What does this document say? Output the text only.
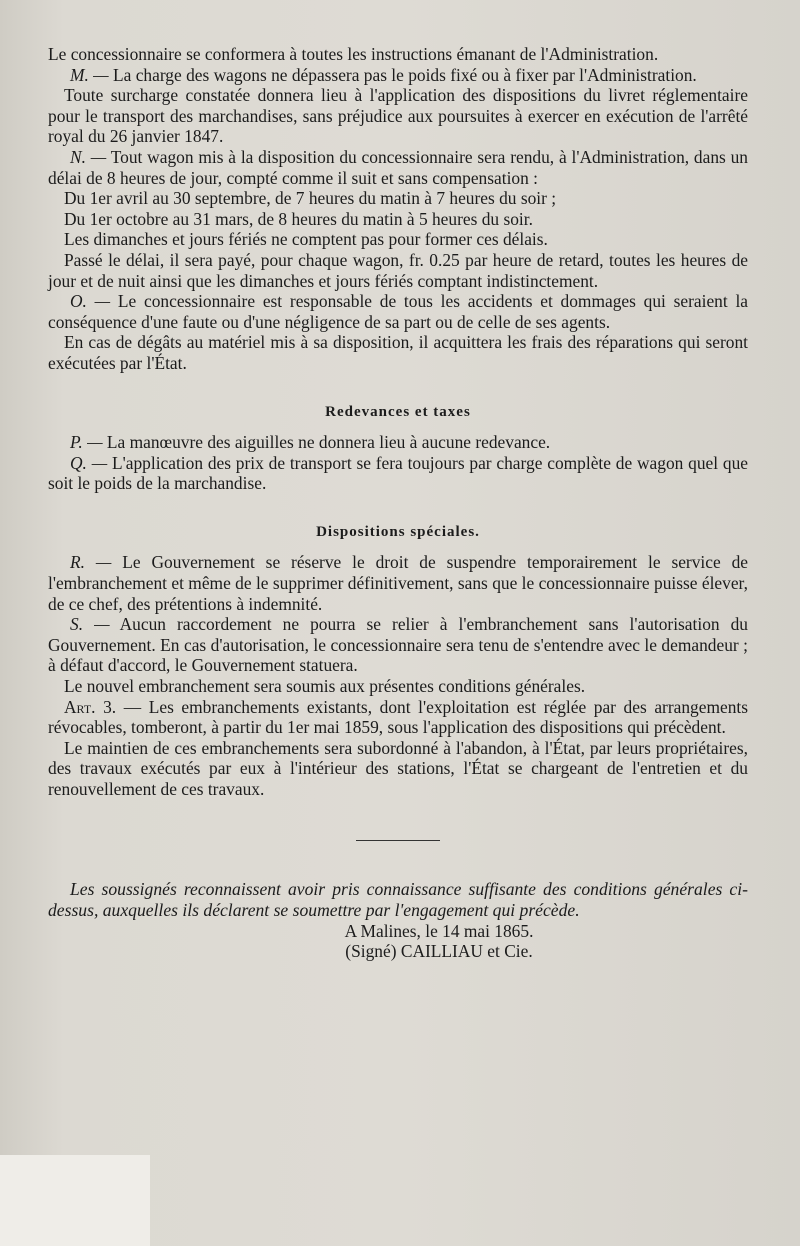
Le concessionnaire se conformera à toutes les instructions émanant de l'Administration.

M. — La charge des wagons ne dépassera pas le poids fixé ou à fixer par l'Administration.

Toute surcharge constatée donnera lieu à l'application des dispositions du livret réglementaire pour le transport des marchandises, sans préjudice aux poursuites à exercer en exécution de l'arrêté royal du 26 janvier 1847.

N. — Tout wagon mis à la disposition du concessionnaire sera rendu, à l'Administration, dans un délai de 8 heures de jour, compté comme il suit et sans compensation :

Du 1er avril au 30 septembre, de 7 heures du matin à 7 heures du soir ;

Du 1er octobre au 31 mars, de 8 heures du matin à 5 heures du soir.

Les dimanches et jours fériés ne comptent pas pour former ces délais.

Passé le délai, il sera payé, pour chaque wagon, fr. 0.25 par heure de retard, toutes les heures de jour et de nuit ainsi que les dimanches et jours fériés comptant indistinctement.

O. — Le concessionnaire est responsable de tous les accidents et dommages qui seraient la conséquence d'une faute ou d'une négligence de sa part ou de celle de ses agents.

En cas de dégâts au matériel mis à sa disposition, il acquittera les frais des réparations qui seront exécutées par l'État.

Redevances et taxes

P. — La manœuvre des aiguilles ne donnera lieu à aucune redevance.

Q. — L'application des prix de transport se fera toujours par charge complète de wagon quel que soit le poids de la marchandise.

Dispositions spéciales.

R. — Le Gouvernement se réserve le droit de suspendre temporairement le service de l'embranchement et même de le supprimer définitivement, sans que le concessionnaire puisse élever, de ce chef, des prétentions à indemnité.

S. — Aucun raccordement ne pourra se relier à l'embranchement sans l'autorisation du Gouvernement. En cas d'autorisation, le concessionnaire sera tenu de s'entendre avec le demandeur ; à défaut d'accord, le Gouvernement statuera.

Le nouvel embranchement sera soumis aux présentes conditions générales.

Art. 3. — Les embranchements existants, dont l'exploitation est réglée par des arrangements révocables, tomberont, à partir du 1er mai 1859, sous l'application des dispositions qui précèdent.

Le maintien de ces embranchements sera subordonné à l'abandon, à l'État, par leurs propriétaires, des travaux exécutés par eux à l'intérieur des stations, l'État se chargeant de l'entretien et du renouvellement de ces travaux.

Les soussignés reconnaissent avoir pris connaissance suffisante des conditions générales ci-dessus, auxquelles ils déclarent se soumettre par l'engagement qui précède.

A Malines, le 14 mai 1865.

(Signé) CAILLIAU et Cie.
